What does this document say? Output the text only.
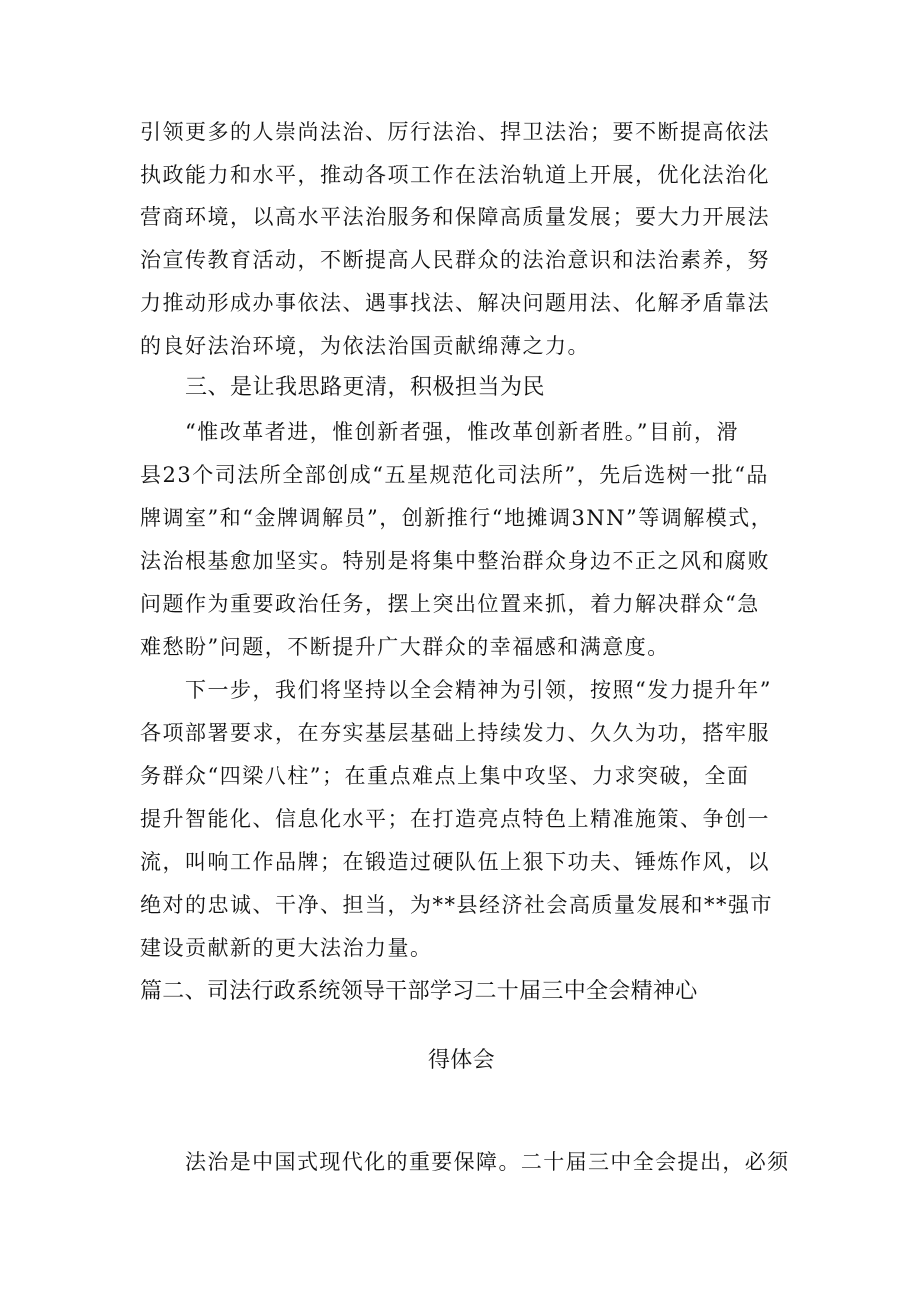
引领更多的人崇尚法治、厉行法治、捍卫法治；要不断提高依法
执政能力和水平，推动各项工作在法治轨道上开展，优化法治化
营商环境，以高水平法治服务和保障高质量发展；要大力开展法
治宣传教育活动，不断提高人民群众的法治意识和法治素养，努
力推动形成办事依法、遇事找法、解决问题用法、化解矛盾靠法
的良好法治环境，为依法治国贡献绵薄之力。
三、是让我思路更清，积极担当为民
“惟改革者进，惟创新者强，惟改革创新者胜。”目前，滑
县23个司法所全部创成“五星规范化司法所”，先后选树一批“品
牌调室”和“金牌调解员”，创新推行“地摊调3NN”等调解模式，
法治根基愈加坚实。特别是将集中整治群众身边不正之风和腐败
问题作为重要政治任务，摆上突出位置来抓，着力解决群众“急
难愁盼”问题，不断提升广大群众的幸福感和满意度。
下一步，我们将坚持以全会精神为引领，按照“发力提升年”
各项部署要求，在夯实基层基础上持续发力、久久为功，搭牢服
务群众“四梁八柱”；在重点难点上集中攻坚、力求突破，全面
提升智能化、信息化水平；在打造亮点特色上精准施策、争创一
流，叫响工作品牌；在锻造过硬队伍上狠下功夫、锤炼作风，以
绝对的忠诚、干净、担当，为**县经济社会高质量发展和**强市
建设贡献新的更大法治力量。
篇二、司法行政系统领导干部学习二十届三中全会精神心
得体会
法治是中国式现代化的重要保障。二十届三中全会提出，必须
